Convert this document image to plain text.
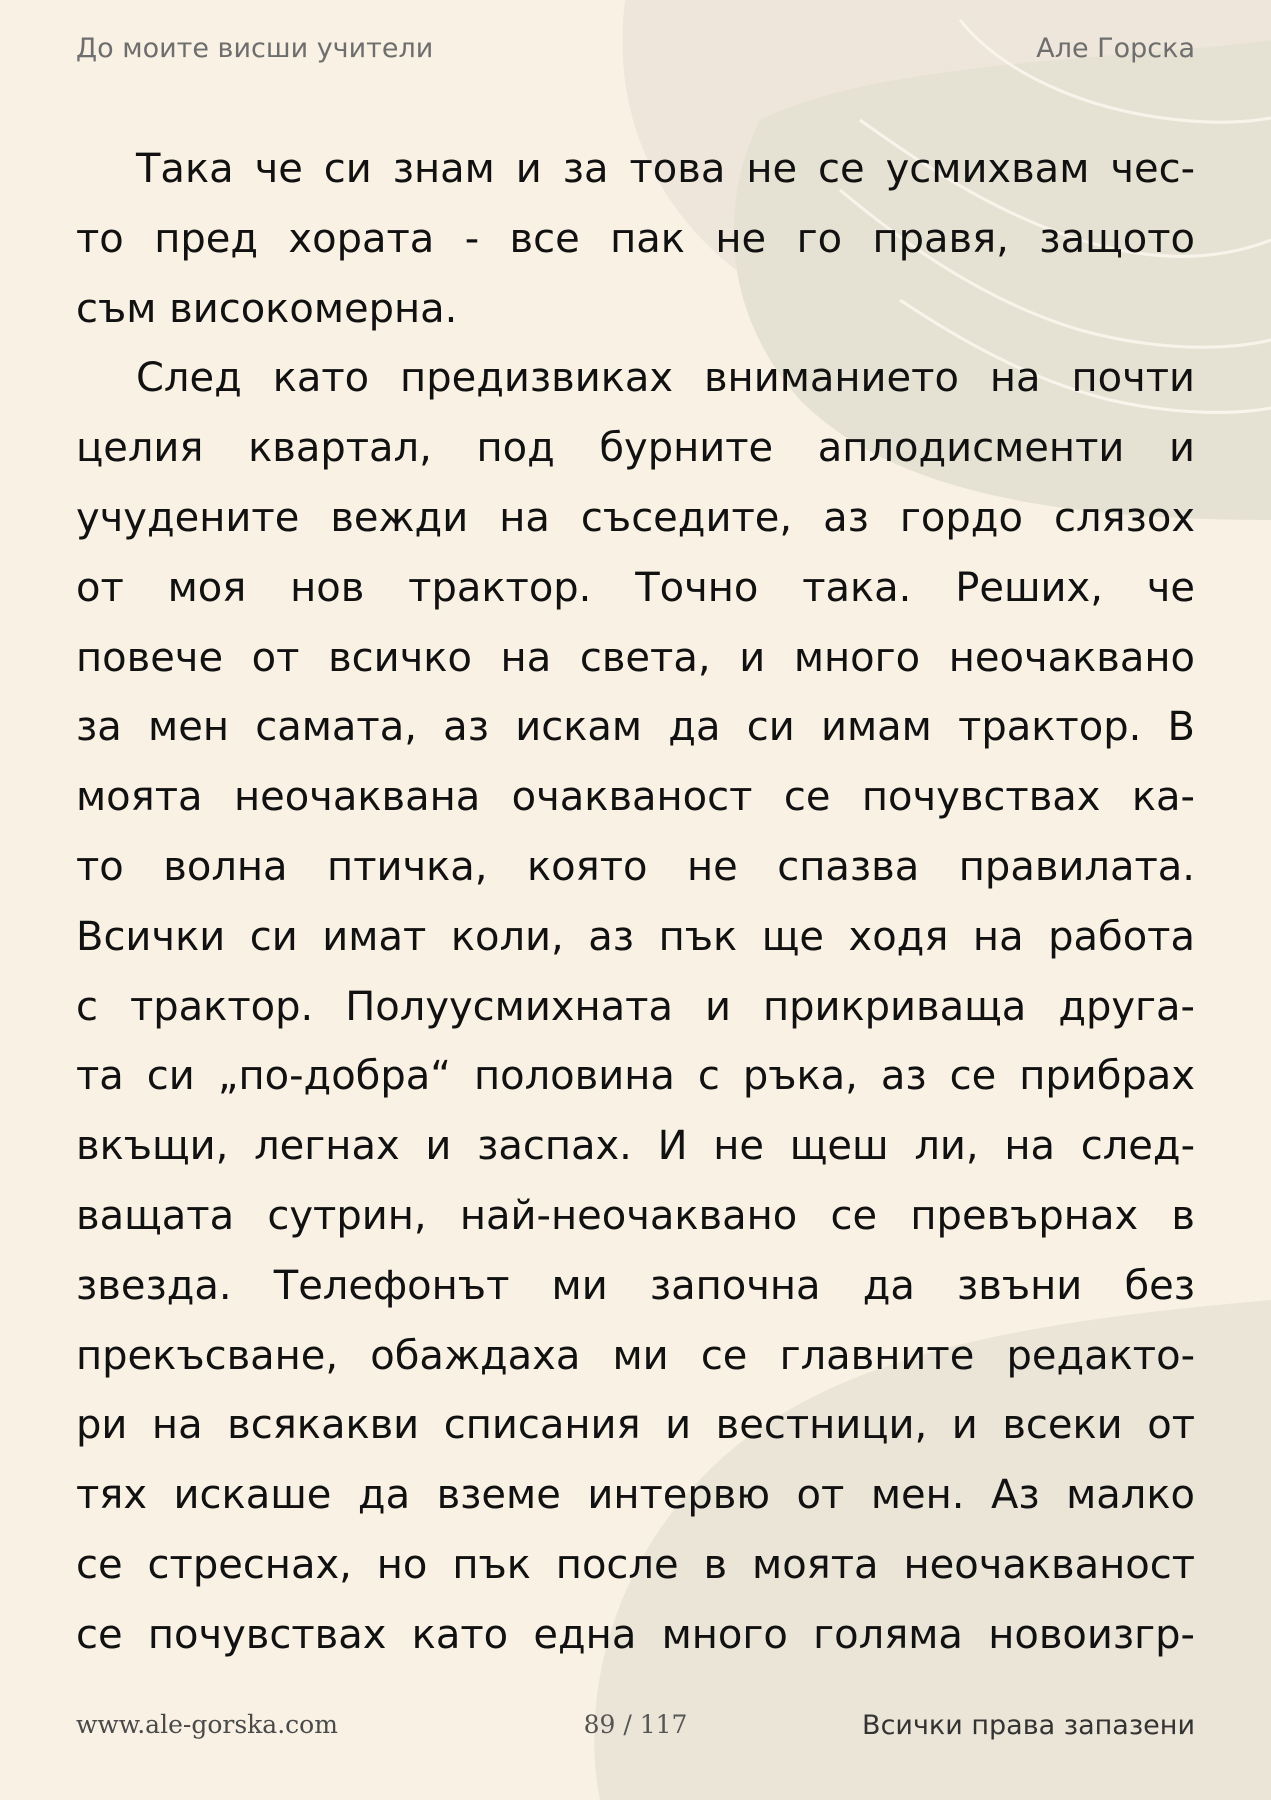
До моите висши учители	Але Горска
Така че си знам и за това не се усмихвам чес-
то пред хората - все пак не го правя, защото
съм високомерна.
След като предизвиках вниманието на почти
целия квартал, под бурните аплодисменти и
учудените вежди на съседите, аз гордо слязох
от моя нов трактор. Точно така. Реших, че
повече от всичко на света, и много неочаквано
за мен самата, аз искам да си имам трактор. В
моята неочаквана очакваност се почувствах ка-
то волна птичка, която не спазва правилата.
Всички си имат коли, аз пък ще ходя на работа
с трактор. Полуусмихната и прикриваща друга-
та си „по-добра“ половина с ръка, аз се прибрах
вкъщи, легнах и заспах. И не щеш ли, на след-
ващата сутрин, най-неочаквано се превърнах в
звезда. Телефонът ми започна да звъни без
прекъсване, обаждаха ми се главните редакто-
ри на всякакви списания и вестници, и всеки от
тях искаше да вземе интервю от мен. Аз малко
се стреснах, но пък после в моята неочакваност
се почувствах като една много голяма новоизгр-
www.ale-gorska.com	89 / 117	Всички права запазени
